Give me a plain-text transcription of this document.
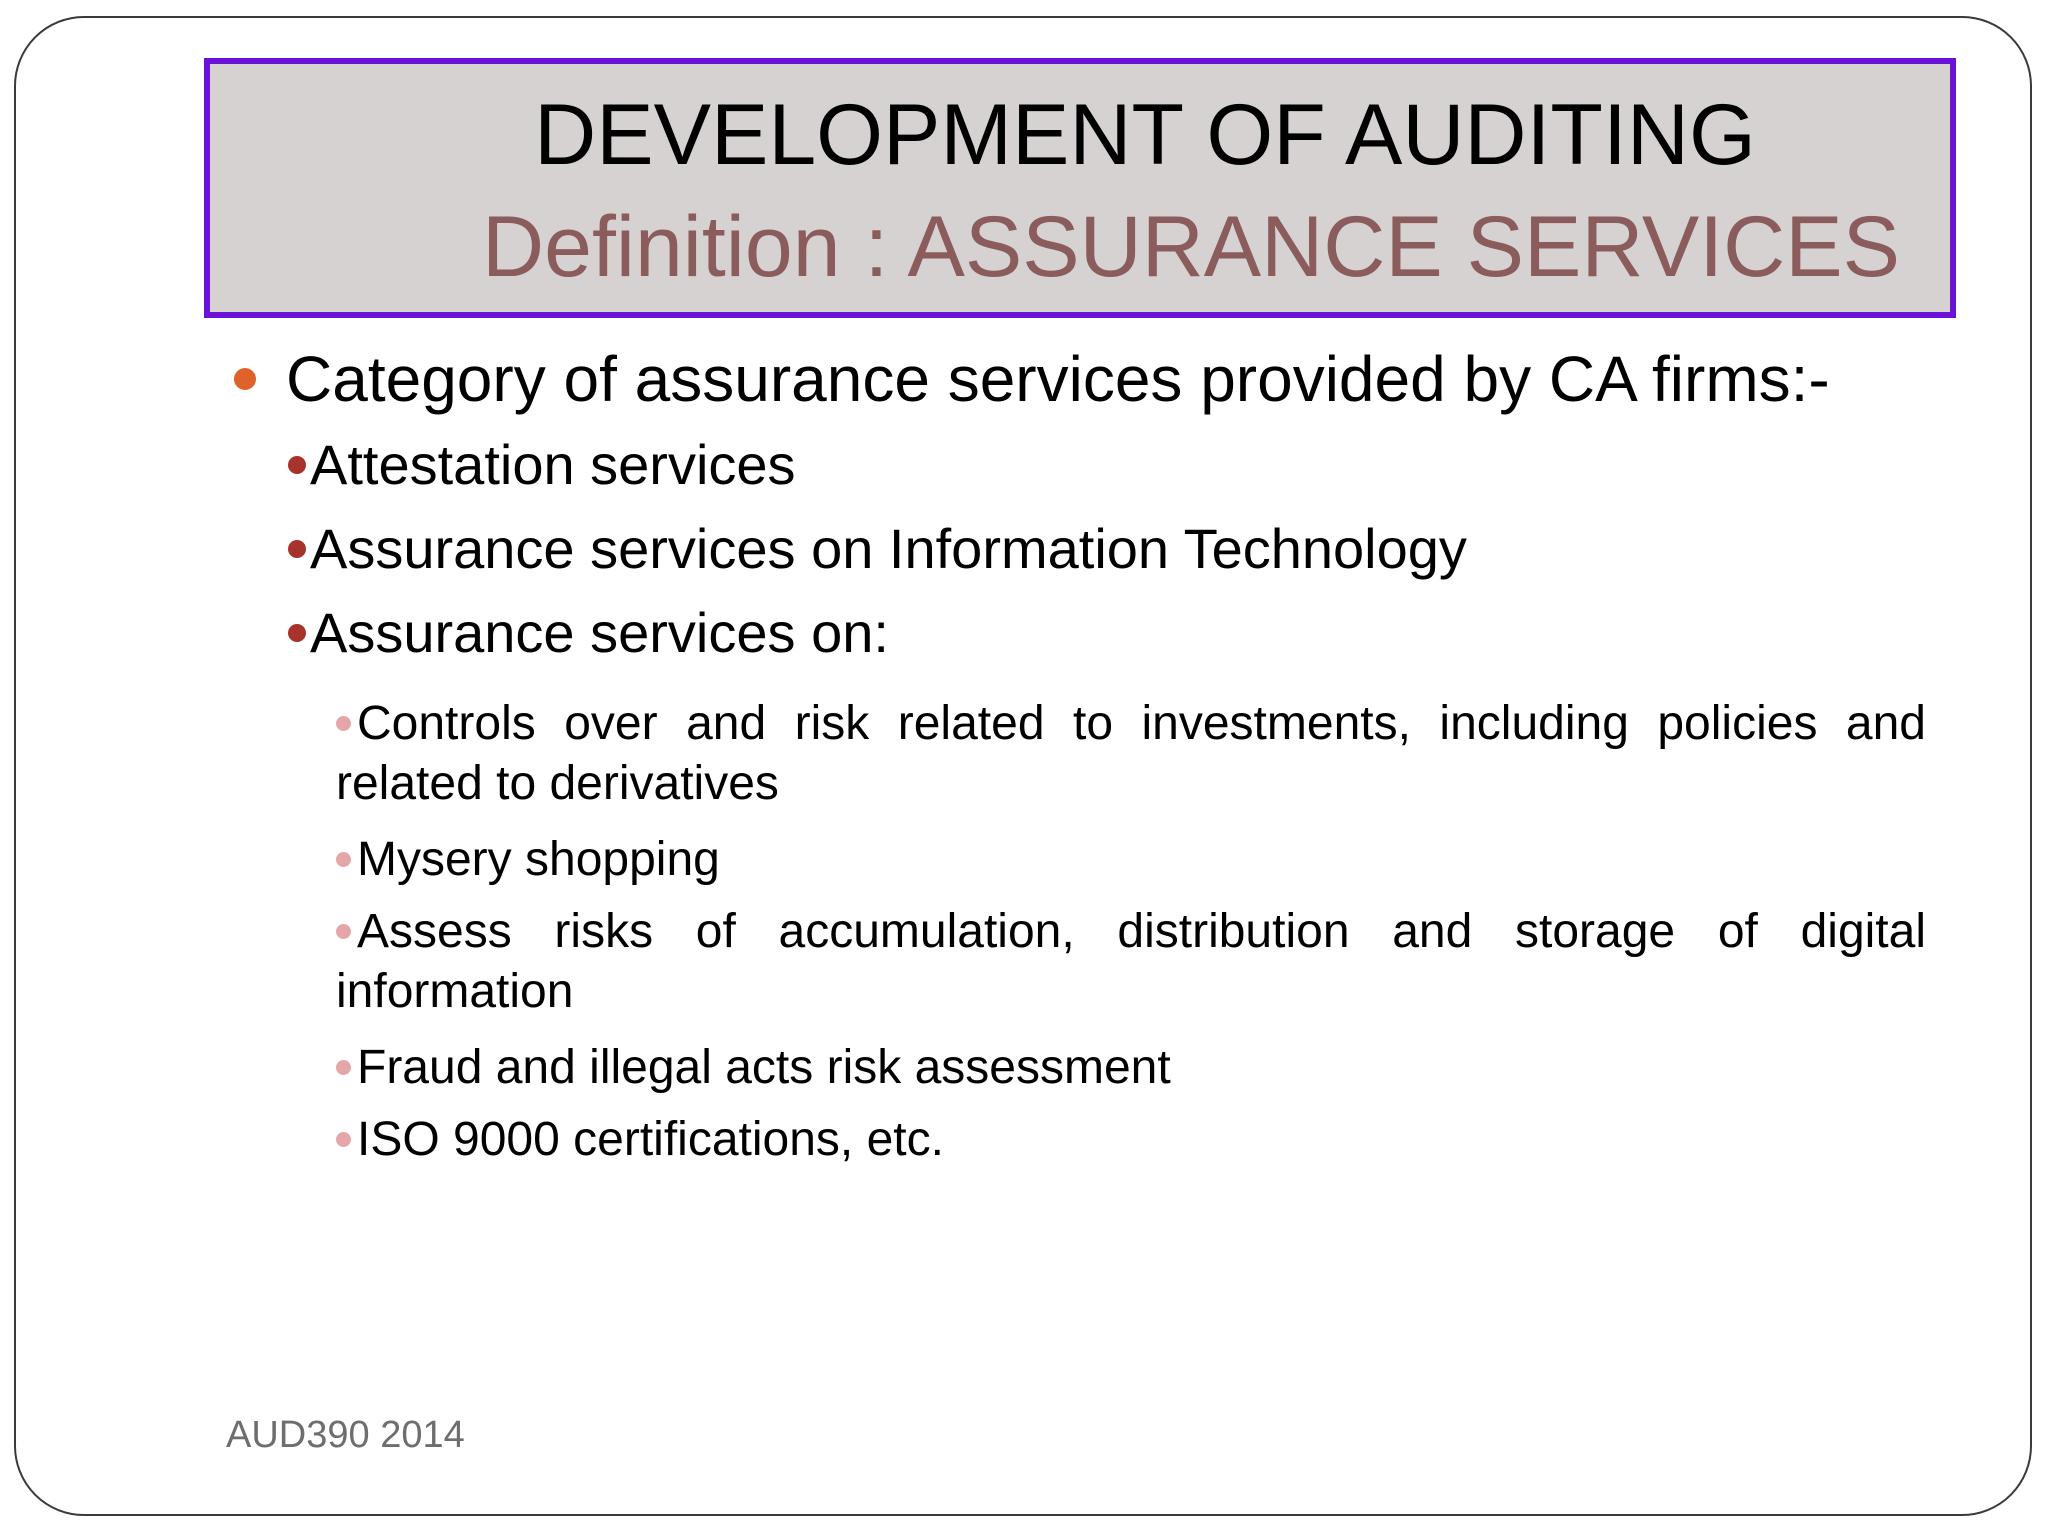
DEVELOPMENT OF AUDITING
Definition : ASSURANCE SERVICES
Category of assurance services provided by CA firms:-
Attestation services
Assurance services on Information Technology
Assurance services on:
Controls over and risk related to investments, including policies and related to derivatives
Mysery shopping
Assess risks of accumulation, distribution and storage of digital information
Fraud and illegal acts risk assessment
ISO 9000 certifications, etc.
AUD390 2014
